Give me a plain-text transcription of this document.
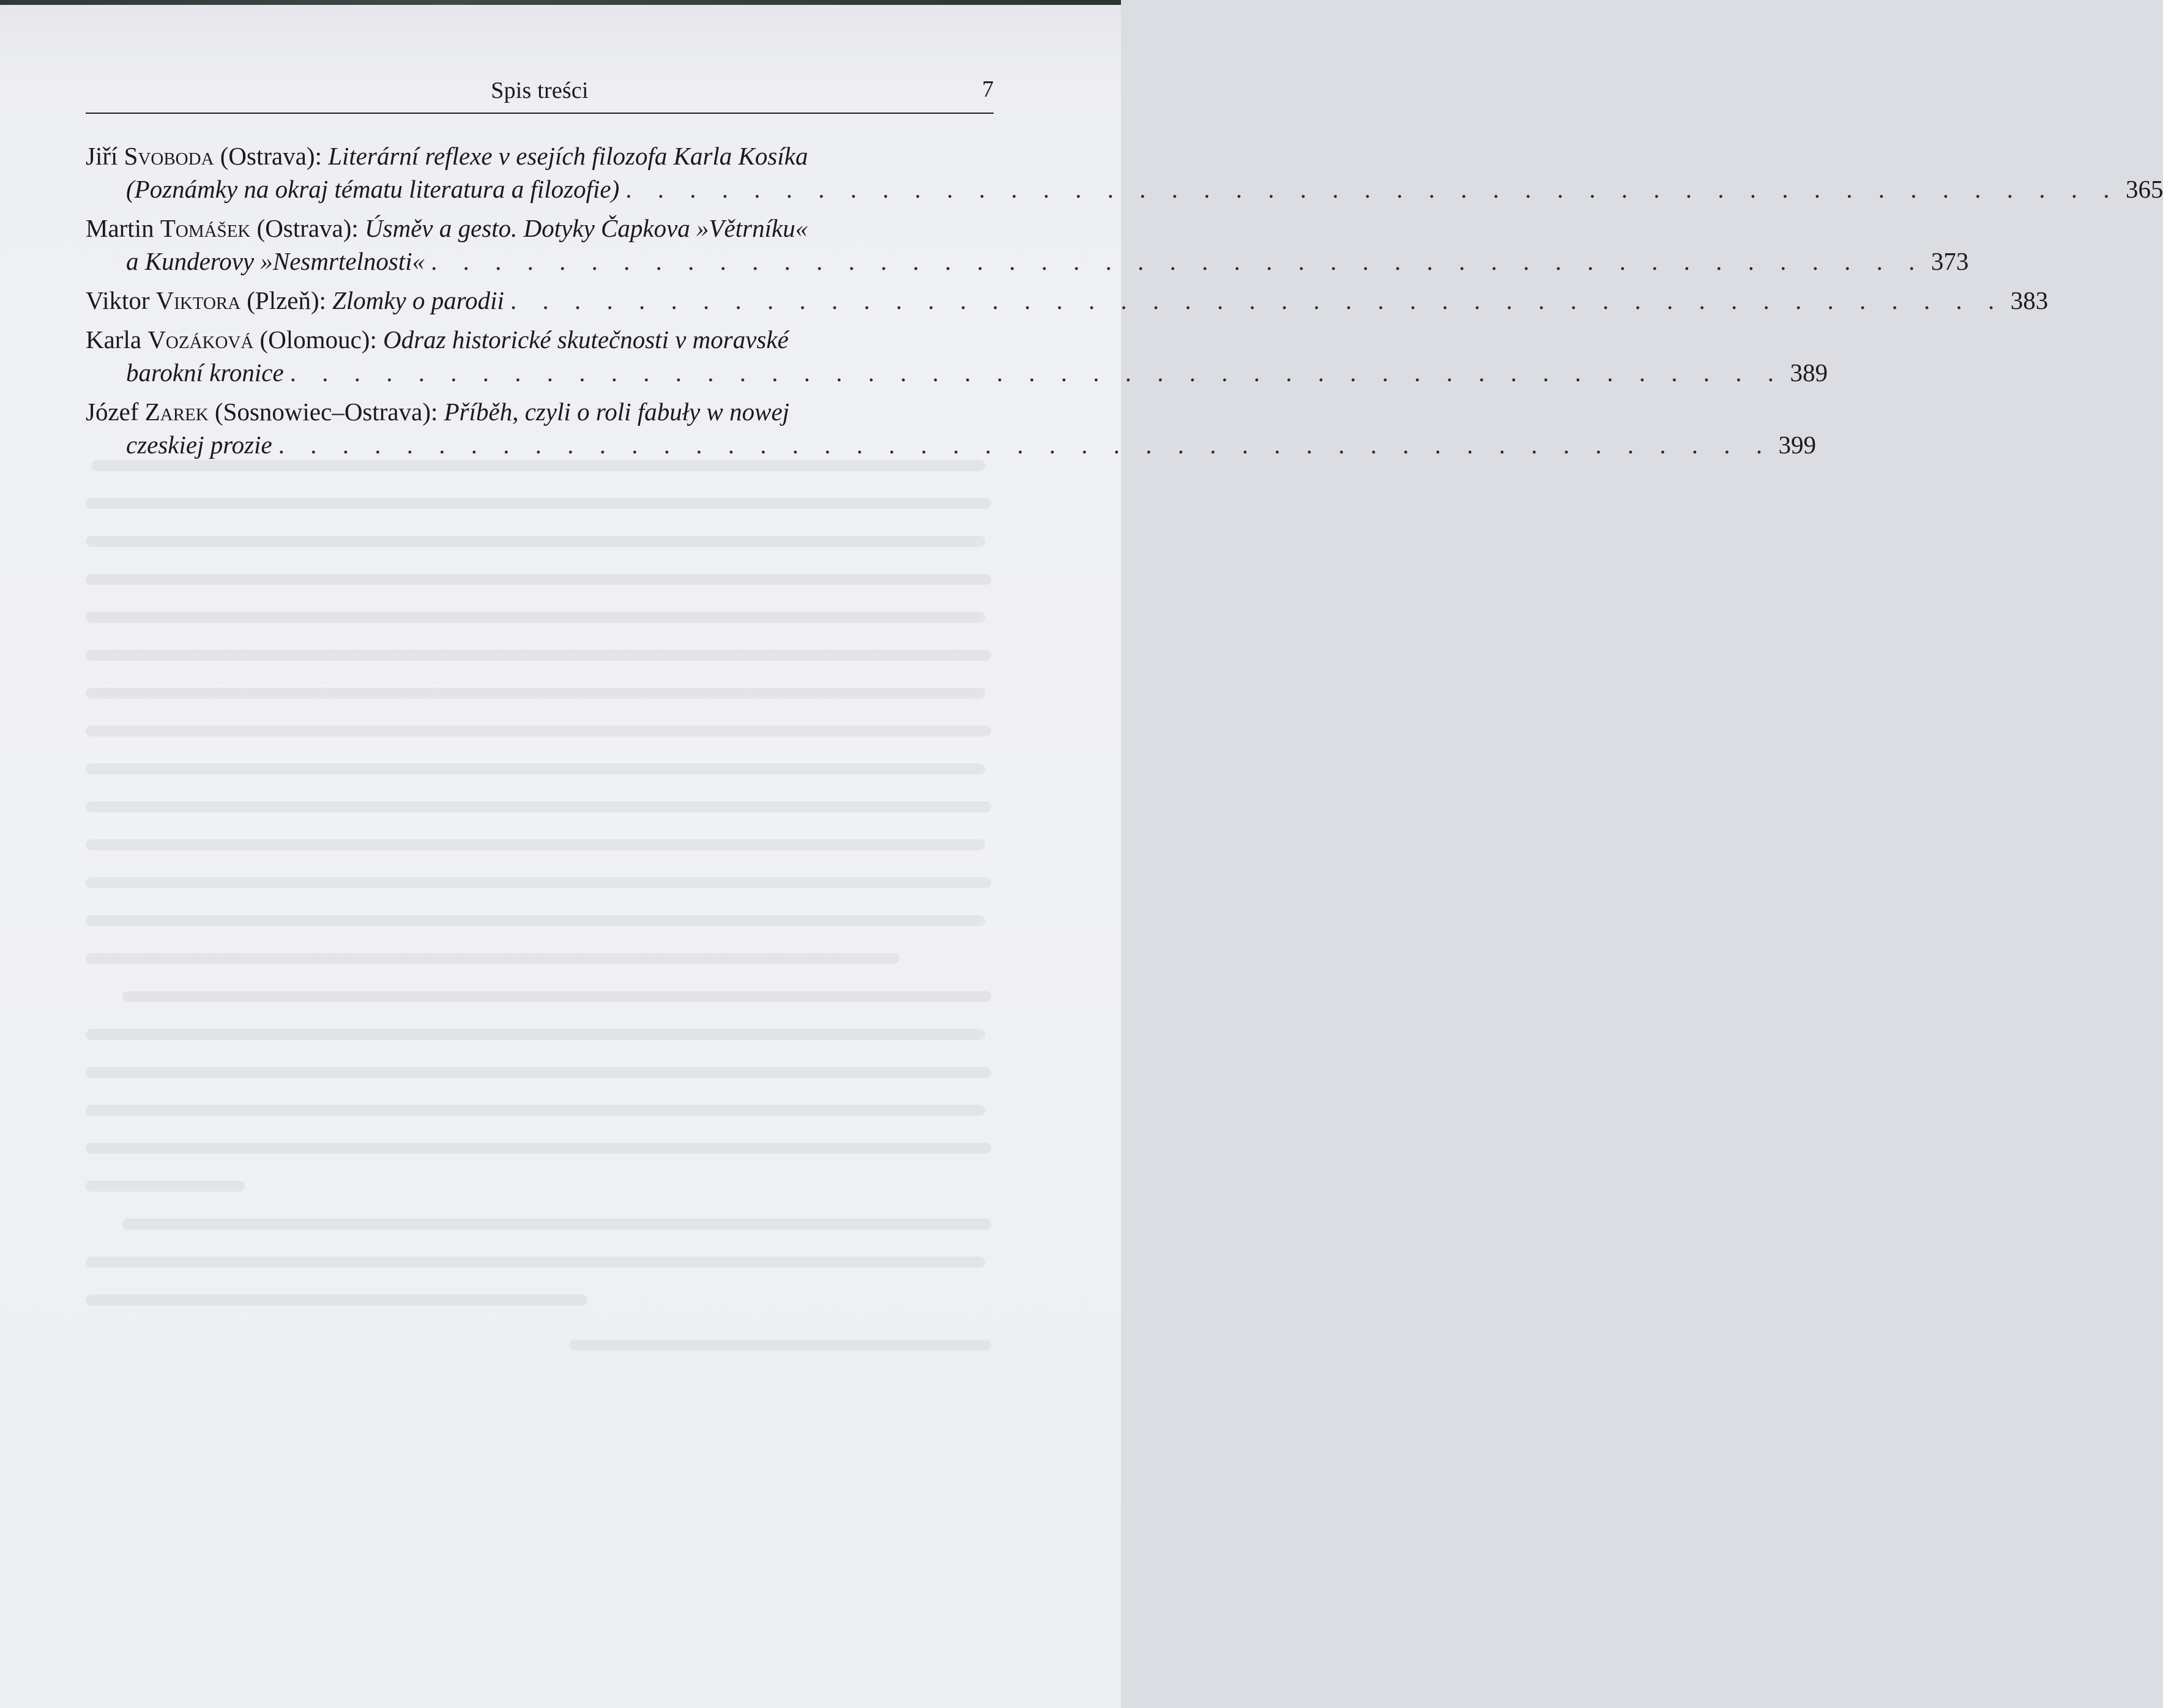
Spis treści	7
Jiří Svoboda (Ostrava): Literární reflexe v esejích filozofa Karla Kosíka
(Poznámky na okraj tématu literatura a filozofie) . . . . . . . . . . . . . . . . . . . . . . . . . . . . . . . . . . . . . . . . . . . . . . . 365
Martin Tomášek (Ostrava): Úsměv a gesto. Dotyky Čapkova »Větrníku«
a Kunderovy »Nesmrtelnosti« . . . . . . . . . . . . . . . . . . . . . . . . . . . . . . . . . . . . . . . . . . . . . . . 373
Viktor Viktora (Plzeň): Zlomky o parodii . . . . . . . . . . . . . . . . . . . . . . . . . . . . . . . . . . . . . . . . . . . . . . . 383
Karla Vozáková (Olomouc): Odraz historické skutečnosti v moravské
barokní kronice . . . . . . . . . . . . . . . . . . . . . . . . . . . . . . . . . . . . . . . . . . . . . . . 389
Józef Zarek (Sosnowiec–Ostrava): Příběh, czyli o roli fabuły w nowej
czeskiej prozie . . . . . . . . . . . . . . . . . . . . . . . . . . . . . . . . . . . . . . . . . . . . . . . 399
